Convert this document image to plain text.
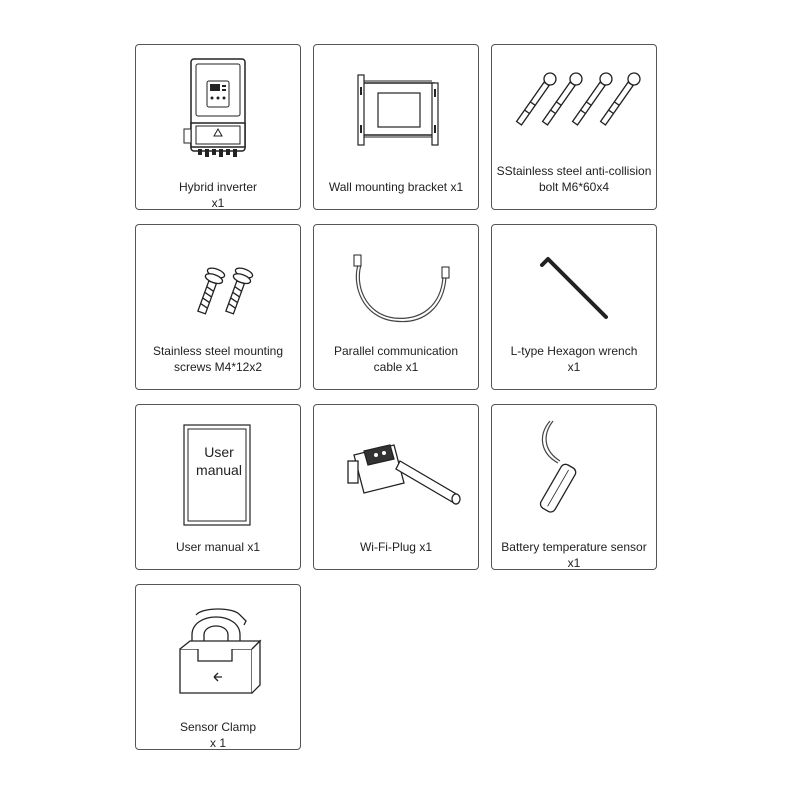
Hybrid inverter
x1
Wall mounting bracket x1
SStainless steel anti-collision
bolt M6*60x4
Stainless steel mounting
screws M4*12x2
Parallel communication
cable x1
L-type Hexagon wrench
x1
User manual
User manual x1	Wi-Fi-Plug x1	Battery temperature sensor
x1
Sensor Clamp
x 1
